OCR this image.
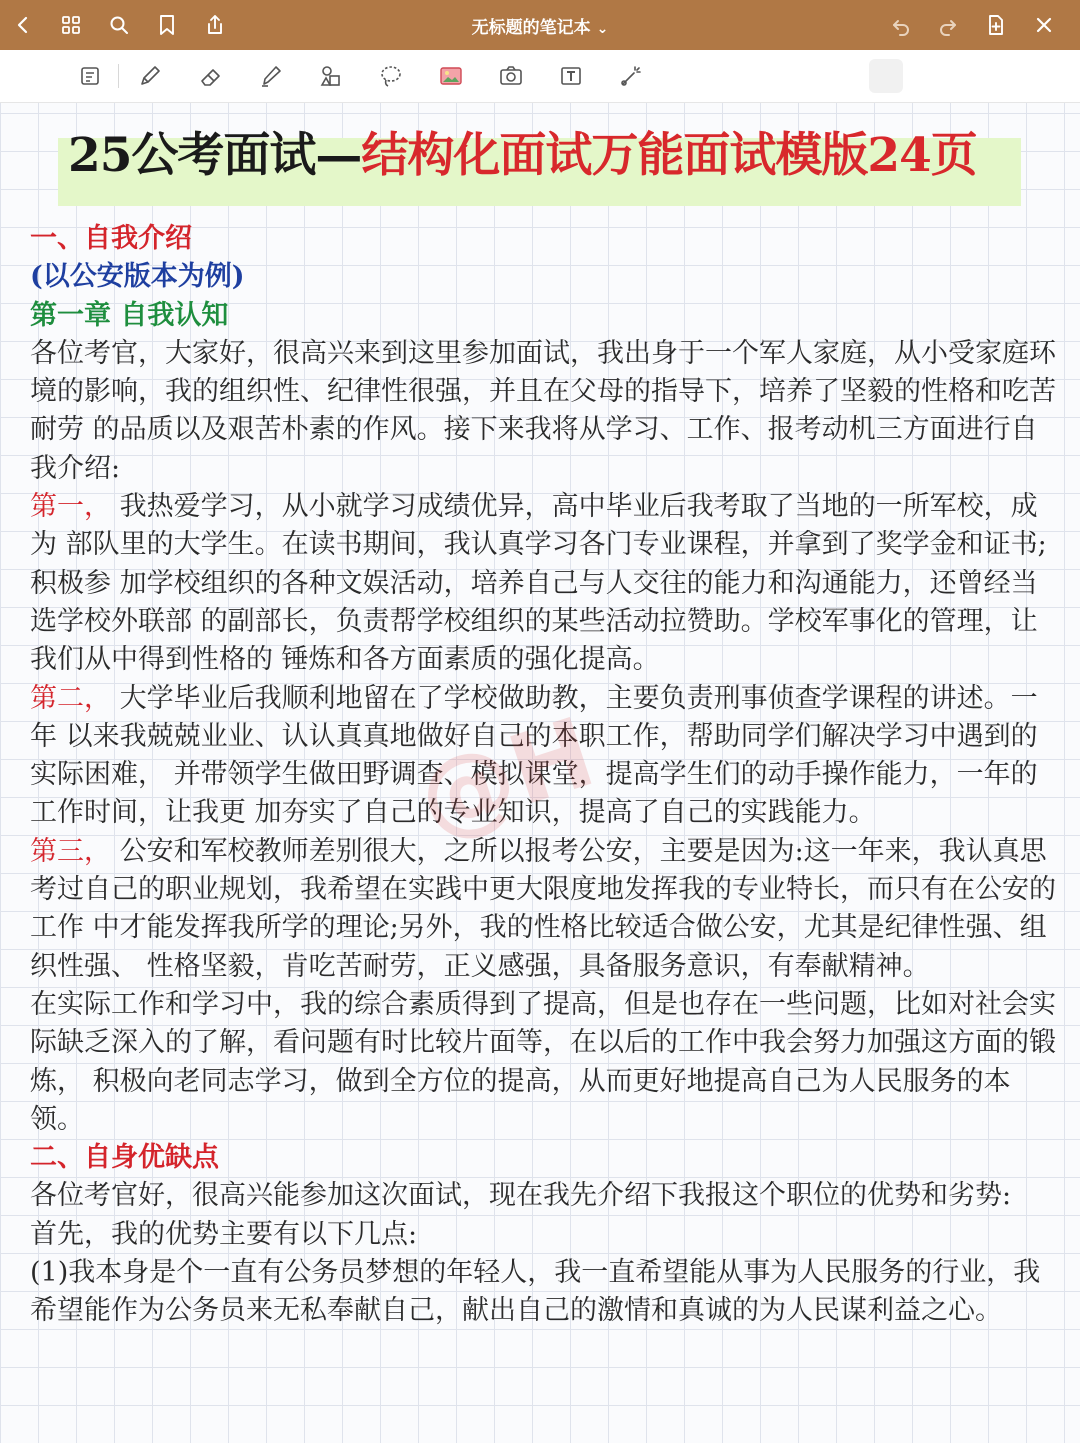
无标题的笔记本 ⌄
25公考面试—结构化面试万能面试模版24页

一、自我介绍

(以公安版本为例)

第一章 自我认知

各位考官，大家好，很高兴来到这里参加面试，我出身于一个军人家庭，从小受家庭环 境的影响，我的组织性、纪律性很强，并且在父母的指导下，培养了坚毅的性格和吃苦耐劳 的品质以及艰苦朴素的作风。接下来我将从学习、工作、报考动机三方面进行自我介绍:

第一， 我热爱学习，从小就学习成绩优异，高中毕业后我考取了当地的一所军校，成为 部队里的大学生。在读书期间，我认真学习各门专业课程，并拿到了奖学金和证书;积极参 加学校组织的各种文娱活动，培养自己与人交往的能力和沟通能力，还曾经当选学校外联部 的副部长，负责帮学校组织的某些活动拉赞助。学校军事化的管理，让我们从中得到性格的 锤炼和各方面素质的强化提高。

第二， 大学毕业后我顺利地留在了学校做助教，主要负责刑事侦查学课程的讲述。一年 以来我兢兢业业、认认真真地做好自己的本职工作，帮助同学们解决学习中遇到的实际困难， 并带领学生做田野调查、模拟课堂，提高学生们的动手操作能力，一年的工作时间，让我更 加夯实了自己的专业知识，提高了自己的实践能力。

第三， 公安和军校教师差别很大，之所以报考公安，主要是因为:这一年来，我认真思 考过自己的职业规划，我希望在实践中更大限度地发挥我的专业特长，而只有在公安的工作 中才能发挥我所学的理论;另外，我的性格比较适合做公安，尤其是纪律性强、组织性强、 性格坚毅，肯吃苦耐劳，正义感强，具备服务意识，有奉献精神。

在实际工作和学习中，我的综合素质得到了提高，但是也存在一些问题，比如对社会实 际缺乏深入的了解，看问题有时比较片面等，在以后的工作中我会努力加强这方面的锻炼， 积极向老同志学习，做到全方位的提高，从而更好地提高自己为人民服务的本领。

二、自身优缺点

各位考官好，很高兴能参加这次面试，现在我先介绍下我报这个职位的优势和劣势:

首先，我的优势主要有以下几点:

(1)我本身是个一直有公务员梦想的年轻人，我一直希望能从事为人民服务的行业，我希望能作为公务员来无私奉献自己，献出自己的激情和真诚的为人民谋利益之心。

@H
